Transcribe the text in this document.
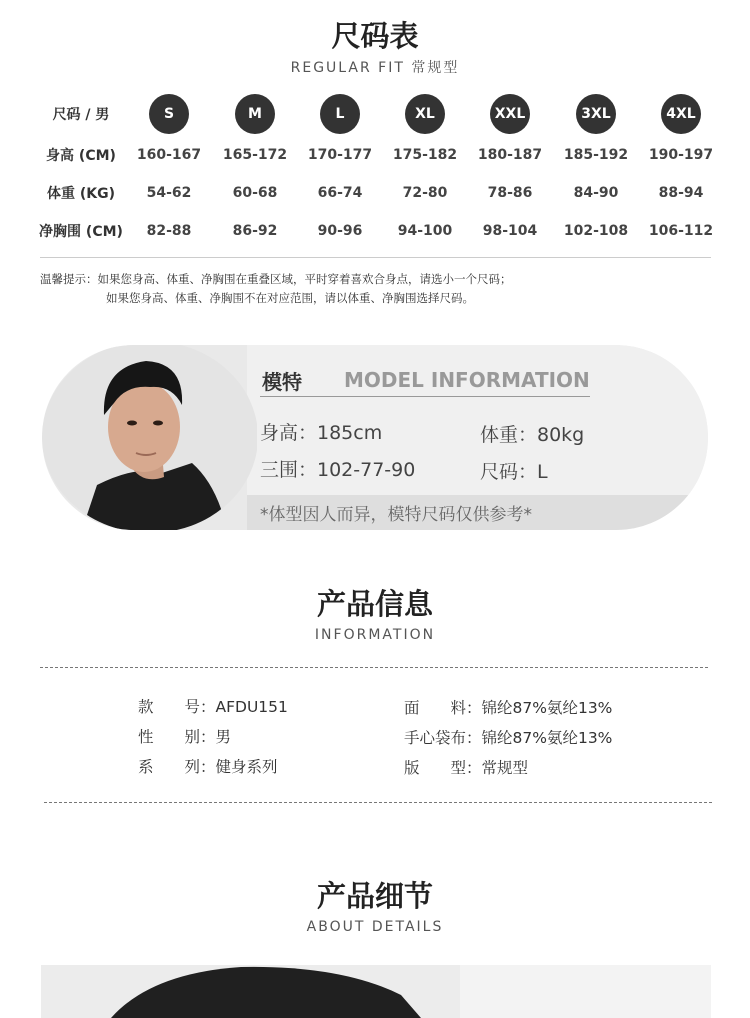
尺码表
REGULAR FIT 常规型
尺码 / 男	S	M	L	XL	XXL	3XL	4XL
身高 (CM)	160-167	165-172	170-177	175-182	180-187	185-192	190-197
体重 (KG)	54-62	60-68	66-74	72-80	78-86	84-90	88-94
净胸围 (CM)	82-88	86-92	90-96	94-100	98-104	102-108	106-112
温馨提示：如果您身高、体重、净胸围在重叠区域，平时穿着喜欢合身点，请选小一个尺码；
如果您身高、体重、净胸围不在对应范围，请以体重、净胸围选择尺码。
模特 MODEL INFORMATION
身高：185cm	体重：80kg
三围：102-77-90	尺码：L
*体型因人而异，模特尺码仅供参考*
产品信息
INFORMATION
款　　号：AFDU151
性　　别：男
系　　列：健身系列
面　　料：锦纶87%氨纶13%
手心袋布：锦纶87%氨纶13%
版　　型：常规型
产品细节
ABOUT DETAILS
